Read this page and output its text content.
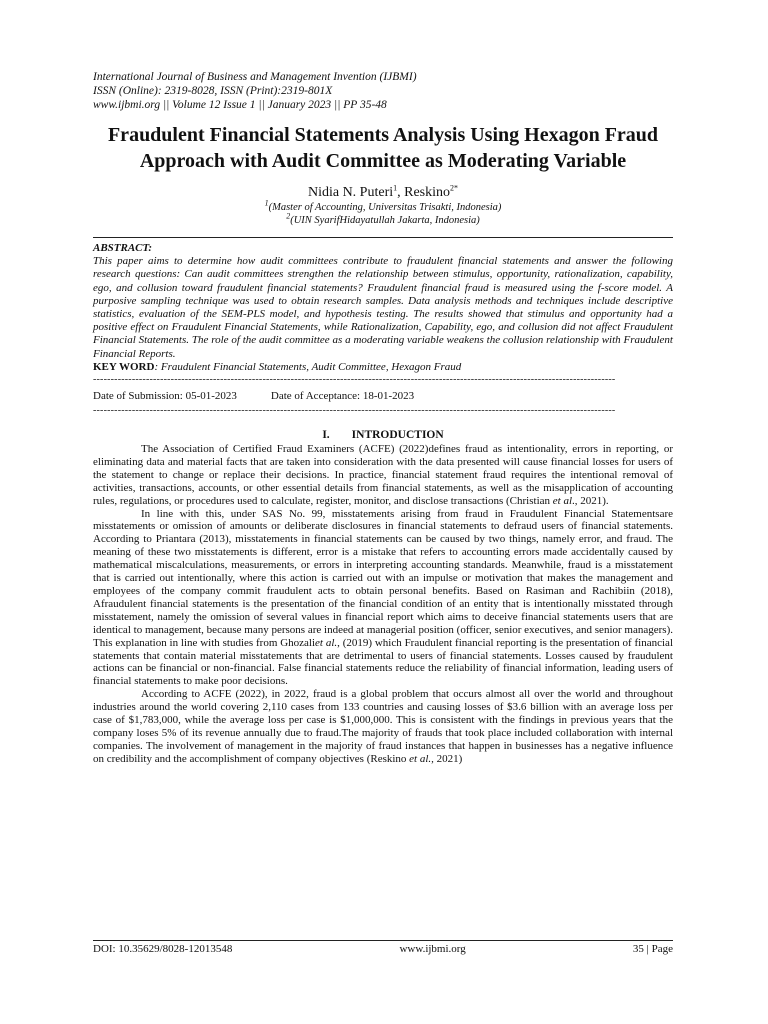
International Journal of Business and Management Invention (IJBMI)
ISSN (Online): 2319-8028, ISSN (Print):2319-801X
www.ijbmi.org || Volume 12 Issue 1 || January 2023 || PP 35-48
Fraudulent Financial Statements Analysis Using Hexagon Fraud Approach with Audit Committee as Moderating Variable
Nidia N. Puteri$^1$, Reskino$^{2*}$
$^1$(Master of Accounting, Universitas Trisakti, Indonesia)
$^2$(UIN SyarifHidayatullah Jakarta, Indonesia)
ABSTRACT:
This paper aims to determine how audit committees contribute to fraudulent financial statements and answer the following research questions: Can audit committees strengthen the relationship between stimulus, opportunity, rationalization, capability, ego, and collusion toward fraudulent financial statements? Fraudulent financial fraud is measured using the f-score model. A purposive sampling technique was used to obtain research samples. Data analysis methods and techniques include descriptive statistics, evaluation of the SEM-PLS model, and hypothesis testing. The results showed that stimulus and opportunity had a positive effect on Fraudulent Financial Statements, while Rationalization, Capability, ego, and collusion did not affect Fraudulent Financial Statements. The role of the audit committee as a moderating variable weakens the collusion relationship with Fraudulent Financial Reports.
KEY WORD: Fraudulent Financial Statements, Audit Committee, Hexagon Fraud
----------------------------------------------------------------------------------------------------------------------------------------------------
Date of Submission: 05-01-2023	Date of Acceptance: 18-01-2023
----------------------------------------------------------------------------------------------------------------------------------------------------
I. INTRODUCTION

The Association of Certified Fraud Examiners (ACFE) (2022)defines fraud as intentionality, errors in reporting, or eliminating data and material facts that are taken into consideration with the data presented will cause financial losses for users of the statement to change or replace their decisions. In practice, financial statement fraud requires the intentional removal of activities, transactions, accounts, or other essential details from financial statements, as well as the misapplication of accounting rules, regulations, or procedures used to calculate, register, monitor, and disclose transactions (Christian et al., 2021).

In line with this, under SAS No. 99, misstatements arising from fraud in Fraudulent Financial Statementsare misstatements or omission of amounts or deliberate disclosures in financial statements to defraud users of financial statements. According to Priantara (2013), misstatements in financial statements can be caused by two things, namely error, and fraud. The meaning of these two misstatements is different, error is a mistake that refers to accounting errors made accidentally caused by mathematical miscalculations, measurements, or errors in interpreting accounting standards. Meanwhile, fraud is a misstatement that is carried out intentionally, where this action is carried out with an impulse or motivation that makes the management and employees of the company commit fraudulent acts to obtain personal benefits. Based on Rasiman and Rachibiin (2018), Afraudulent financial statements is the presentation of the financial condition of an entity that is intentionally misstated through misstatement, namely the omission of several values in financial report which aims to deceive financial statements users that are identical to management, because many persons are indeed at managerial position (officer, senior executives, and senior managers). This explanation in line with studies from Ghozaliet al., (2019) which Fraudulent financial reporting is the presentation of financial statements that contain material misstatements that are detrimental to users of financial statements. Losses caused by fraudulent actions can be financial or non-financial. False financial statements reduce the reliability of financial information, leading users of financial statements to make poor decisions.

According to ACFE (2022), in 2022, fraud is a global problem that occurs almost all over the world and throughout industries around the world covering 2,110 cases from 133 countries and causing losses of $3.6 billion with an average loss per case of $1,783,000, while the average loss per case is $1,000,000. This is consistent with the findings in previous years that the company loses 5% of its revenue annually due to fraud.The majority of frauds that took place included collaboration with internal companies. The involvement of management in the majority of fraud instances that happen in businesses has a negative influence on credibility and the accomplishment of company objectives (Reskino et al., 2021)

DOI: 10.35629/8028-12013548	www.ijbmi.org	35 | Page
